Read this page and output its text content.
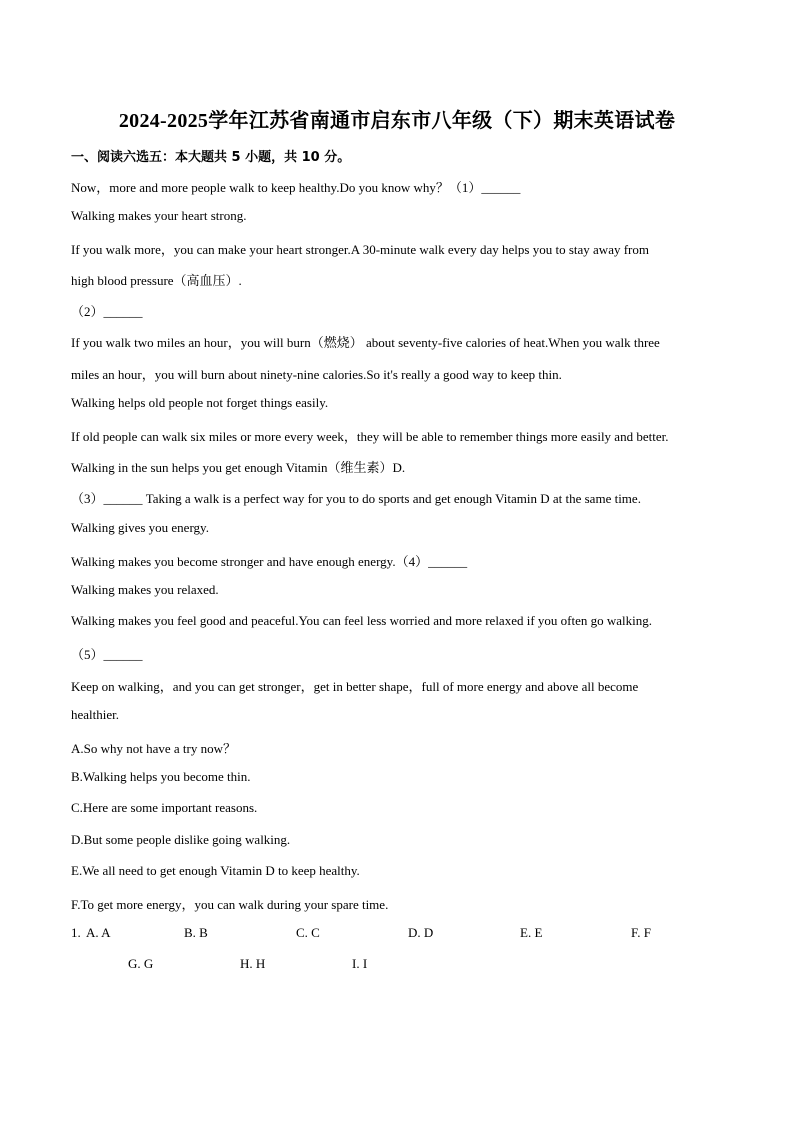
2024-2025学年江苏省南通市启东市八年级（下）期末英语试卷
一、阅读六选五：本大题共 5 小题，共 10 分。
Now，more and more people walk to keep healthy.Do you know why？（1）______
Walking makes your heart strong.
If you walk more，you can make your heart stronger.A 30-minute walk every day helps you to stay away from
high blood pressure（高血压）.
（2）______
If you walk two miles an hour，you will burn（燃烧） about seventy-five calories of heat.When you walk three
miles an hour，you will burn about ninety-nine calories.So it's really a good way to keep thin.
Walking helps old people not forget things easily.
If old people can walk six miles or more every week，they will be able to remember things more easily and better.
Walking in the sun helps you get enough Vitamin（维生素）D.
（3）______ Taking a walk is a perfect way for you to do sports and get enough Vitamin D at the same time.
Walking gives you energy.
Walking makes you become stronger and have enough energy.（4）______
Walking makes you relaxed.
Walking makes you feel good and peaceful.You can feel less worried and more relaxed if you often go walking.
（5）______
Keep on walking，and you can get stronger，get in better shape，full of more energy and above all become
healthier.
A.So why not have a try now？
B.Walking helps you become thin.
C.Here are some important reasons.
D.But some people dislike going walking.
E.We all need to get enough Vitamin D to keep healthy.
F.To get more energy，you can walk during your spare time.
1. A. A	B. B	C. C	D. D	E. E	F. F
G. G	H. H	I. I
